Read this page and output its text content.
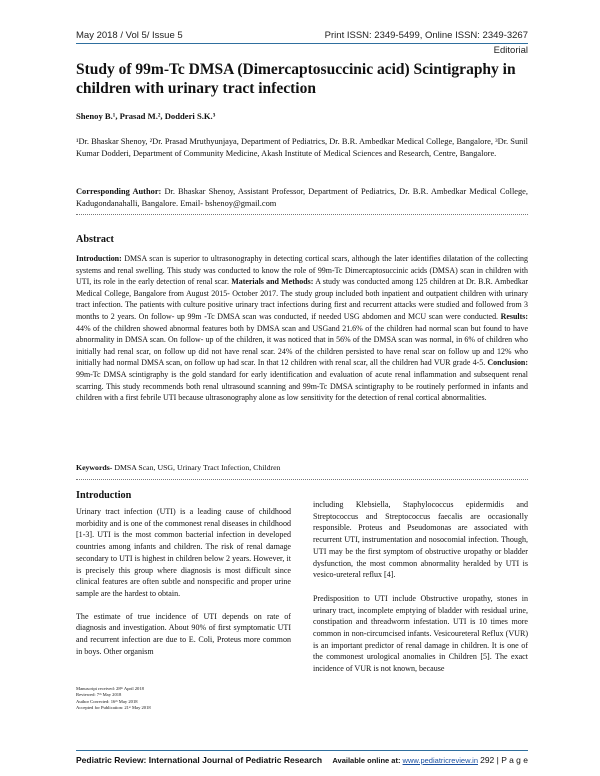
May 2018 / Vol 5/ Issue 5	Print ISSN: 2349-5499, Online ISSN: 2349-3267
Editorial
Study of 99m-Tc DMSA (Dimercaptosuccinic acid) Scintigraphy in children with urinary tract infection
Shenoy B.¹, Prasad M.², Dodderi S.K.³
¹Dr. Bhaskar Shenoy, ²Dr. Prasad Mruthyunjaya, Department of Pediatrics, Dr. B.R. Ambedkar Medical College, Bangalore, ³Dr. Sunil Kumar Dodderi, Department of Community Medicine, Akash Institute of Medical Sciences and Research, Centre, Bangalore.
Corresponding Author: Dr. Bhaskar Shenoy, Assistant Professor, Department of Pediatrics, Dr. B.R. Ambedkar Medical College, Kadugondanahalli, Bangalore. Email- bshenoy@gmail.com
Abstract
Introduction: DMSA scan is superior to ultrasonography in detecting cortical scars, although the later identifies dilatation of the collecting systems and renal swelling. This study was conducted to know the role of 99m-Tc Dimercaptosuccinic acids (DMSA) scan in children with UTI, its role in the early detection of renal scar. Materials and Methods: A study was conducted among 125 children at Dr. B.R. Ambedkar Medical College, Bangalore from August 2015- October 2017. The study group included both inpatient and outpatient children with urinary tract infection. The patients with culture positive urinary tract infections during first and recurrent attacks were studied and followed from 3 months to 2 years. On follow- up 99m -Tc DMSA scan was conducted, if needed USG abdomen and MCU scan were conducted. Results: 44% of the children showed abnormal features both by DMSA scan and USGand 21.6% of the children had normal scan but found to have abnormality in DMSA scan. On follow- up of the children, it was noticed that in 56% of the DMSA scan was normal, in 6% of children who initially had renal scar, on follow up did not have renal scar. 24% of the children persisted to have renal scar on follow up and 12% who initially had normal DMSA scan, on follow up had scar. In that 12 children with renal scar, all the children had VUR grade 4-5. Conclusion: 99m-Tc DMSA scintigraphy is the gold standard for early identification and evaluation of acute renal inflammation and subsequent renal scarring. This study recommends both renal ultrasound scanning and 99m-Tc DMSA scintigraphy to be routinely performed in infants and children with a first febrile UTI because ultrasonography alone as low sensitivity for the detection of renal cortical abnormalities.
Keywords- DMSA Scan, USG, Urinary Tract Infection, Children
Introduction

Urinary tract infection (UTI) is a leading cause of childhood morbidity and is one of the commonest renal diseases in childhood [1-3]. UTI is the most common bacterial infection in developed countries among infants and children. The risk of renal damage secondary to UTI is highest in children below 2 years. However, it is precisely this group where diagnosis is most difficult since clinical features are often subtle and nonspecific and proper urine sample are the hardest to obtain.

The estimate of true incidence of UTI depends on rate of diagnosis and investigation. About 90% of first symptomatic UTI and recurrent infection are due to E. Coli, Proteus more common in boys. Other organism

including Klebsiella, Staphylococcus epidermidis and Streptococcus and Streptococcus faecalis are occasionally responsible. Proteus and Pseudomonas are associated with recurrent UTI, instrumentation and nosocomial infection. Though, UTI may be the first symptom of obstructive uropathy or bladder dysfunction, the most common abnormality heralded by UTI is vesico-ureteral reflux [4].

Predisposition to UTI include Obstructive uropathy, stones in urinary tract, incomplete emptying of bladder with residual urine, constipation and threadworm infestation. UTI is 10 times more common in non-circumcised infants. Vesicoureteral Reflux (VUR) is an important predictor of renal damage in children. It is one of the commonest urological anomalies in Children [5]. The exact incidence of VUR is not known, because

Manuscript received: 28ᵗʰ April 2018
Reviewed: 7ᵗʰ May 2018
Author Corrected: 16ᵗʰ May 2018
Accepted for Publication: 21ˢᵗ May 2018
Pediatric Review: International Journal of Pediatric Research Available online at: www.pediatricreview.in 292 | P a g e
